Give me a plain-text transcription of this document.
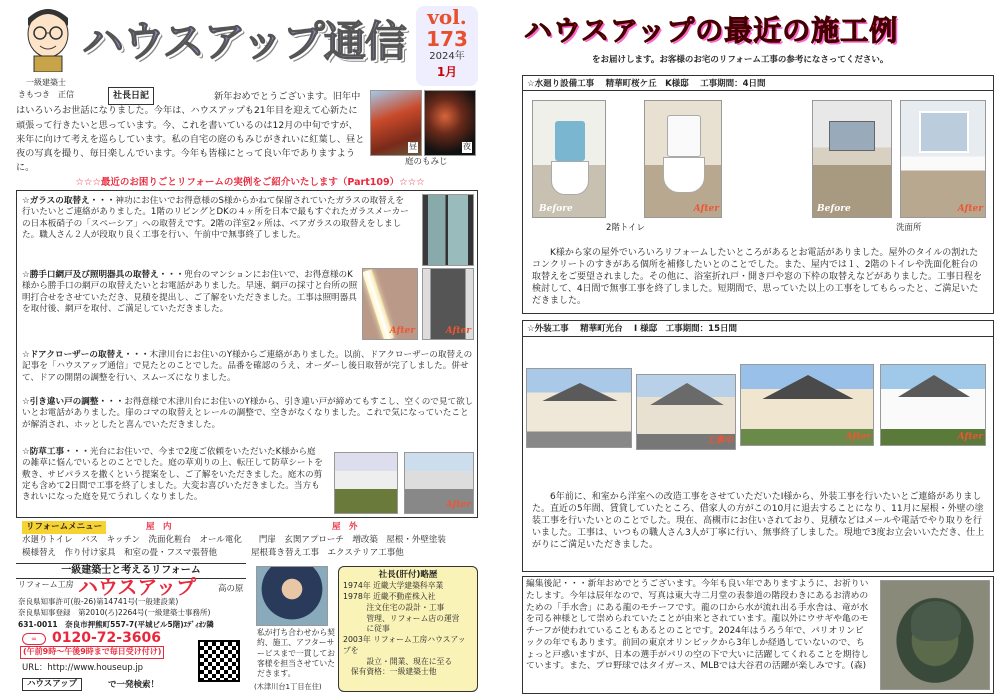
一級建築士
きもつき　正信
ハウスアップ通信	vol.
173
2024年
1月
社長日記	新年おめでとうございます。旧年中はいろいろお世話になりました。今年は、ハウスアップも21年目を迎えて心新たに頑張って行きたいと思っています。今、これを書いているのは12月の中旬ですが、来年に向けて考えを巡らしています。私の自宅の庭のもみじがきれいに紅葉し、昼と夜の写真を撮り、毎日楽しんでいます。今年も皆様にとって良い年でありますように。
昼	夜
庭のもみじ
☆☆☆最近のお困りごとリフォームの実例をご紹介いたします（Part109）☆☆☆
☆ガラスの取替え・・・神功にお住いでお得意様のS様からかねて保留されていたガラスの取替えを行いたいとご連絡がありました。1階のリビングとDKの４ヶ所を日本で最もすぐれたガラスメーカーの日本板硝子の「スペーシア」への取替えです。2階の洋室2ヶ所は、ペアガラスの取替えをしました。職人さん２人が段取り良く工事を行い、午前中で無事終了しました。
☆勝手口網戸及び照明器具の取替え・・・兜台のマンションにお住いで、お得意様のK様から勝手口の網戸の取替えたいとお電話がありました。早速、網戸の採寸と台所の照明打合せをさせていただき、見積を提出し、ご了解をいただきました。工事は照明器具を取付後、網戸を取付、ご満足していただきました。
After	After
☆ドアクローザーの取替え・・・木津川台にお住いのY様からご連絡がありました。以前、ドアクローザーの取替えの記事を「ハウスアップ通信」で見たとのことでした。品番を確認のうえ、オーダーし後日取替が完了しました。併せて、ドアの開閉の調整を行い、スムーズになりました。
☆引き違い戸の調整・・・お得意様で木津川台にお住いのY様から、引き違い戸が締めてもすこし、空くので見て欲しいとお電話がありました。扉のコマの取替えとレールの調整で、空きがなくなりました。これで気になっていたことが解消され、ホッとしたと喜んでいただきました。
☆防草工事・・・光台にお住いで、今まで2度ご依頼をいただいたK様から庭の雑草に悩んでいるとのことでした。庭の草刈りの上、転圧して防草シートを敷き、サビパラスを撒くという提案をし、ご了解をいただきました。庭木の剪定も含めて2日間で工事を終了しました。大変お喜びいただきました。当方もきれいになった庭を見てうれしくなりました。
After
リフォームメニュー	屋　内	屋　外
水廻りトイレ　バス　キッチン　洗面化粧台　オール電化　　門扉　玄関アプローチ　増改築　屋根・外壁塗装
模様替え　作り付け家具　和室の畳・フスマ張替他　　　　屋根葺き替え工事　エクステリア工事他
一級建築士と考えるリフォーム
リフォーム工房 ハウスアップ	高の原
奈良県知事許可(般-26)第14741号(一般建設業)
奈良県知事登録　第2010(ろ)2264号(一級建築士事務所)
631-0011　奈良市押熊町557-7(平城ビル5階)ｴﾃﾞｨｵﾝ隣
∞	0120-72-3606
(午前9時～午後9時まで毎日受け付け)
URL：http://www.houseup.jp
ハウスアップ	で一発検索！
私が打ち合わせから契約、施工、アフターサービスまで一貫してお客様を担当させていただきます。
(木津川台1丁目在住)
社長(肝付)略歴
1974年 近畿大学建築科卒業
1978年 近畿不動産株入社
　　　注文住宅の設計・工事
　　　管理、リフォーム店の運営
　　　に従事
2003年 リフォーム工房ハウスアップを
　　　設立・開業、現在に至る
　保有資格：一級建築士他
ハウスアップの最近の施工例
をお届けします。お客様のお宅のリフォーム工事の参考になさってください。
☆水廻り設備工事　 精華町桜ケ丘　K様邸　 工事期間：4日間
Before	After
2階トイレ
Before	After
洗面所
K様から家の屋外でいろいろリフォームしたいところがあるとお電話がありました。屋外のタイルの割れたコンクリートのすきがある個所を補修したいとのことでした。また、屋内では１、2階のトイレや洗面化粧台の取替えをご要望されました。その他に、浴室折れ戸・開き戸や窓の下枠の取替えなどがありました。工事日程を検討して、4日間で無事工事を終了しました。短期間で、思っていた以上の工事をしてもらったと、ご満足いただきました。
☆外装工事　 精華町光台　 I 様邸　工事期間：15日間
工事中	After	After
6年前に、和室から洋室への改造工事をさせていただいたI様から、外装工事を行いたいとご連絡がありました。直近の5年間、賃貸していたところ、借家人の方がこの10月に退去することになり、11月に屋根・外壁の塗装工事を行いたいとのことでした。現在、高槻市にお住いされており、見積などはメールや電話でやり取りを行いました。工事は、いつもの職人さん3人が丁寧に行い、無事終了しました。現地で3度お立会いいただき、仕上がりにご満足いただきました。
編集後記・・・新年おめでとうございます。今年も良い年でありますように、お祈りいたします。今年は辰年なので、写真は東大寺二月堂の表参道の階段わきにあるお清めのための「手水舎」にある龍のモチーフです。龍の口から水が流れ出る手水舎は、竜が水を司る神様として崇められていたことが由来とされています。龍以外にウサギや亀のモチーフが使われていることもあるとのことです。2024年はうろう年で、パリオリンピックの年でもあります。前回の東京オリンピックから3年しか経過していないので、ちょっと戸惑いますが、日本の選手がパリの空の下で大いに活躍してくれることを期待しています。また、プロ野球ではタイガース、MLBでは大谷君の活躍が楽しみです。(森)
